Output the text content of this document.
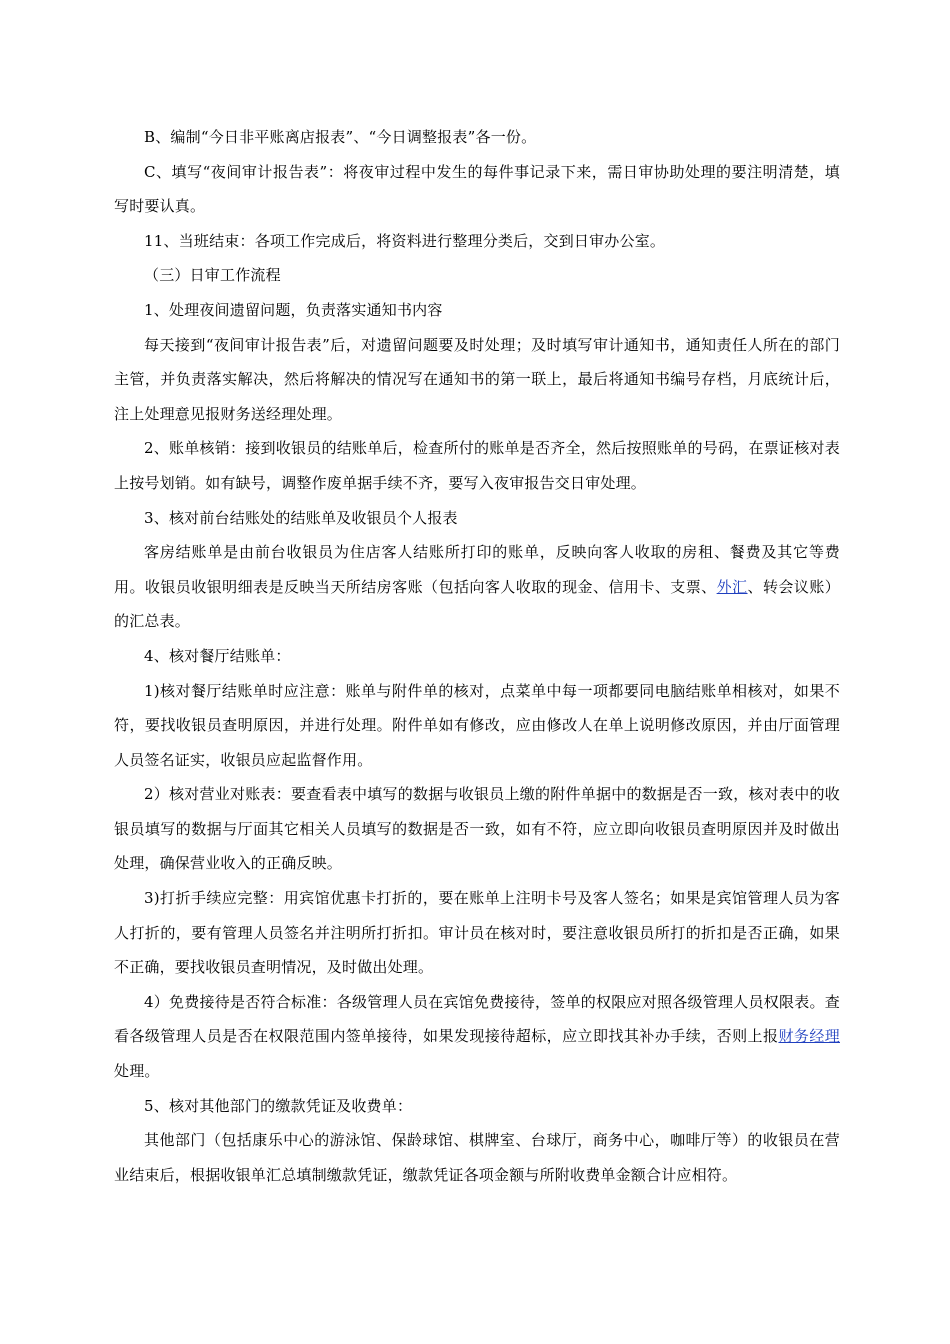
B、编制“今日非平账离店报表”、“今日调整报表”各一份。

C、填写“夜间审计报告表”：将夜审过程中发生的每件事记录下来，需日审协助处理的要注明清楚，填写时要认真。

11、当班结束：各项工作完成后，将资料进行整理分类后，交到日审办公室。

（三）日审工作流程

1、处理夜间遗留问题，负责落实通知书内容

每天接到“夜间审计报告表”后，对遗留问题要及时处理；及时填写审计通知书，通知责任人所在的部门主管，并负责落实解决，然后将解决的情况写在通知书的第一联上，最后将通知书编号存档，月底统计后，注上处理意见报财务送经理处理。

2、账单核销：接到收银员的结账单后，检查所付的账单是否齐全，然后按照账单的号码，在票证核对表上按号划销。如有缺号，调整作废单据手续不齐，要写入夜审报告交日审处理。

3、核对前台结账处的结账单及收银员个人报表

客房结账单是由前台收银员为住店客人结账所打印的账单，反映向客人收取的房租、餐费及其它等费用。收银员收银明细表是反映当天所结房客账（包括向客人收取的现金、信用卡、支票、外汇、转会议账）的汇总表。

4、核对餐厅结账单：

1)核对餐厅结账单时应注意：账单与附件单的核对，点菜单中每一项都要同电脑结账单相核对，如果不符，要找收银员查明原因，并进行处理。附件单如有修改，应由修改人在单上说明修改原因，并由厅面管理人员签名证实，收银员应起监督作用。

2）核对营业对账表：要查看表中填写的数据与收银员上缴的附件单据中的数据是否一致，核对表中的收银员填写的数据与厅面其它相关人员填写的数据是否一致，如有不符，应立即向收银员查明原因并及时做出处理，确保营业收入的正确反映。

3)打折手续应完整：用宾馆优惠卡打折的，要在账单上注明卡号及客人签名；如果是宾馆管理人员为客人打折的，要有管理人员签名并注明所打折扣。审计员在核对时，要注意收银员所打的折扣是否正确，如果不正确，要找收银员查明情况，及时做出处理。

4）免费接待是否符合标准：各级管理人员在宾馆免费接待，签单的权限应对照各级管理人员权限表。查看各级管理人员是否在权限范围内签单接待，如果发现接待超标，应立即找其补办手续，否则上报财务经理处理。

5、核对其他部门的缴款凭证及收费单：

其他部门（包括康乐中心的游泳馆、保龄球馆、棋牌室、台球厅，商务中心，咖啡厅等）的收银员在营业结束后，根据收银单汇总填制缴款凭证，缴款凭证各项金额与所附收费单金额合计应相符。
